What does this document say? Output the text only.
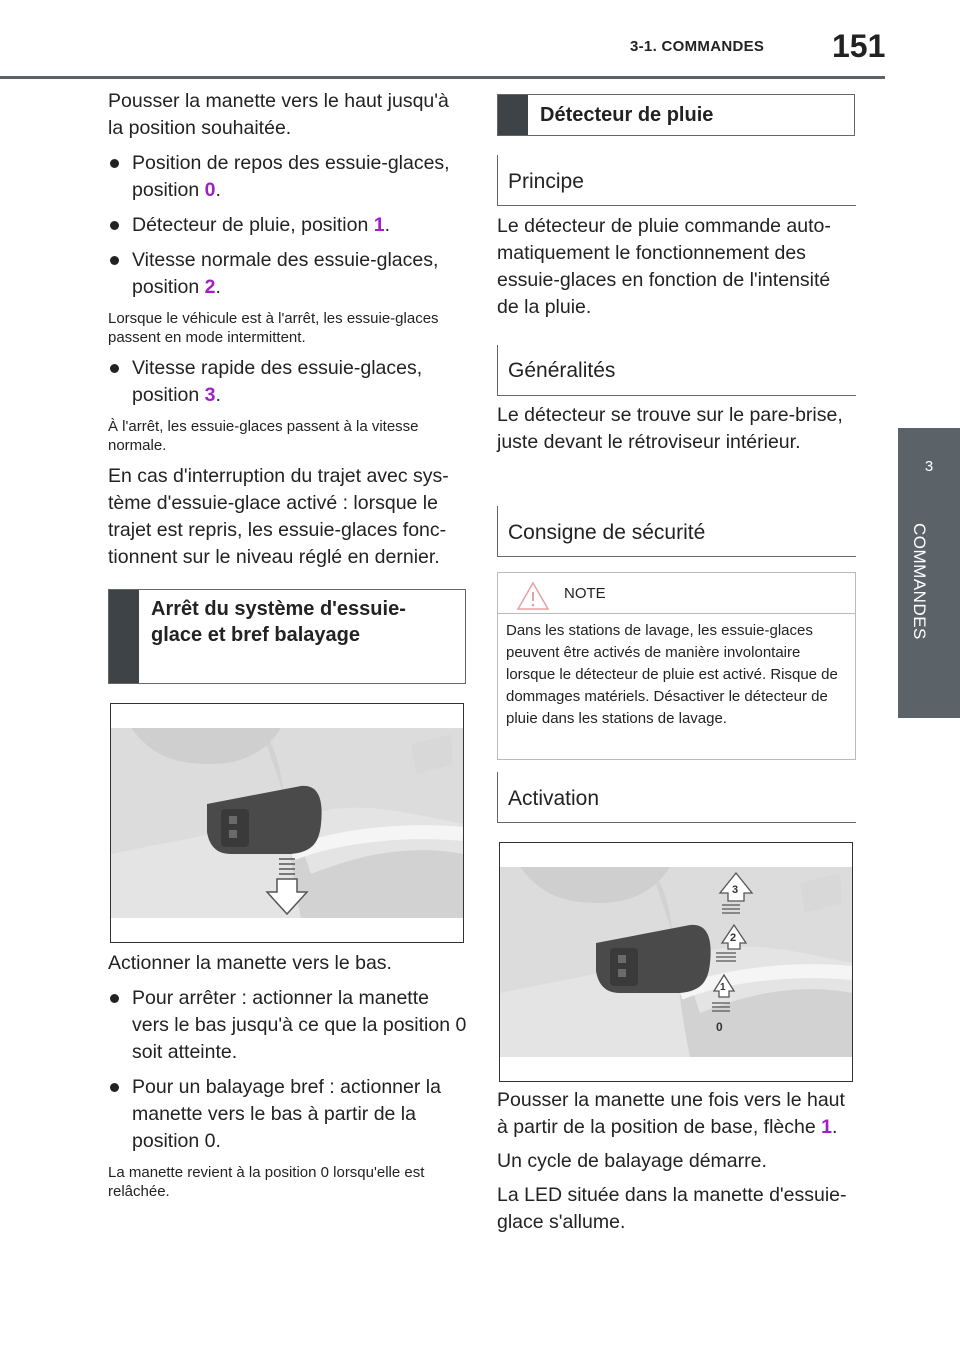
3-1. COMMANDES 151
3
COMMANDES

Pousser la manette vers le haut jusqu'à la position souhaitée.

Position de repos des essuie-glaces, position 0.

Détecteur de pluie, position 1.

Vitesse normale des essuie-glaces, position 2.

Lorsque le véhicule est à l'arrêt, les essuie-glaces passent en mode intermittent.

Vitesse rapide des essuie-glaces, position 3.

À l'arrêt, les essuie-glaces passent à la vitesse normale.

En cas d'interruption du trajet avec sys-tème d'essuie-glace activé : lorsque le trajet est repris, les essuie-glaces fonc-tionnent sur le niveau réglé en dernier.

Arrêt du système d'essuie-glace et bref balayage

Actionner la manette vers le bas.

Pour arrêter : actionner la manette vers le bas jusqu'à ce que la position 0 soit atteinte.

Pour un balayage bref : actionner la manette vers le bas à partir de la position 0.

La manette revient à la position 0 lorsqu'elle est relâchée.

Détecteur de pluie
Principe

Le détecteur de pluie commande auto-matiquement le fonctionnement des essuie-glaces en fonction de l'intensité de la pluie.

Généralités

Le détecteur se trouve sur le pare-brise, juste devant le rétroviseur intérieur.

Consigne de sécurité
NOTE
Dans les stations de lavage, les essuie-glaces peuvent être activés de manière involontaire lorsque le détecteur de pluie est activé. Risque de dommages matériels. Désactiver le détecteur de pluie dans les stations de lavage.
Activation
3
2
1
0

Pousser la manette une fois vers le haut à partir de la position de base, flèche 1.

Un cycle de balayage démarre.

La LED située dans la manette d'essuie-glace s'allume.
